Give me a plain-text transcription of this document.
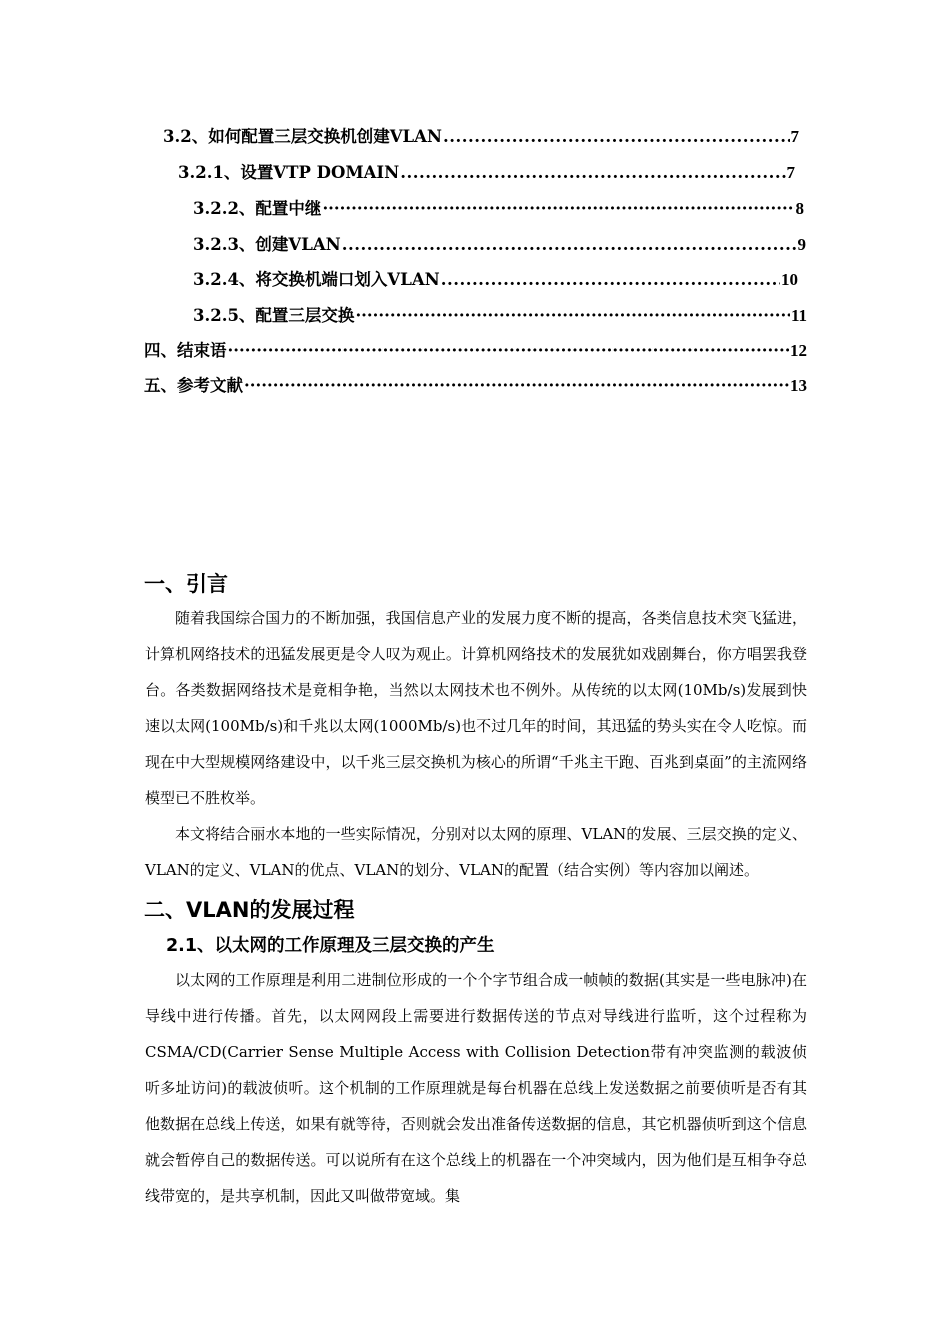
3.2、如何配置三层交换机创建VLAN .....	7
3.2.1、设置VTP DOMAIN .....	7
3.2.2、配置中继 ·····	8
3.2.3、创建VLAN .....	9
3.2.4、将交换机端口划入VLAN .....	10
3.2.5、配置三层交换 ·····	11
四、结束语 ·····	12
五、参考文献 ·····	13
一、引言

随着我国综合国力的不断加强，我国信息产业的发展力度不断的提高，各类信息技术突飞猛进，计算机网络技术的迅猛发展更是令人叹为观止。计算机网络技术的发展犹如戏剧舞台，你方唱罢我登台。各类数据网络技术是竟相争艳，当然以太网技术也不例外。从传统的以太网(10Mb/s)发展到快速以太网(100Mb/s)和千兆以太网(1000Mb/s)也不过几年的时间，其迅猛的势头实在令人吃惊。而现在中大型规模网络建设中，以千兆三层交换机为核心的所谓“千兆主干跑、百兆到桌面”的主流网络模型已不胜枚举。

本文将结合丽水本地的一些实际情况，分别对以太网的原理、VLAN的发展、三层交换的定义、VLAN的定义、VLAN的优点、VLAN的划分、VLAN的配置（结合实例）等内容加以阐述。

二、VLAN的发展过程
2.1、以太网的工作原理及三层交换的产生

以太网的工作原理是利用二进制位形成的一个个字节组合成一帧帧的数据(其实是一些电脉冲)在导线中进行传播。首先，以太网网段上需要进行数据传送的节点对导线进行监听，这个过程称为CSMA/CD(Carrier Sense Multiple Access with Collision Detection带有冲突监测的载波侦听多址访问)的载波侦听。这个机制的工作原理就是每台机器在总线上发送数据之前要侦听是否有其他数据在总线上传送，如果有就等待，否则就会发出准备传送数据的信息，其它机器侦听到这个信息就会暂停自己的数据传送。可以说所有在这个总线上的机器在一个冲突域内，因为他们是互相争夺总线带宽的，是共享机制，因此又叫做带宽域。集
